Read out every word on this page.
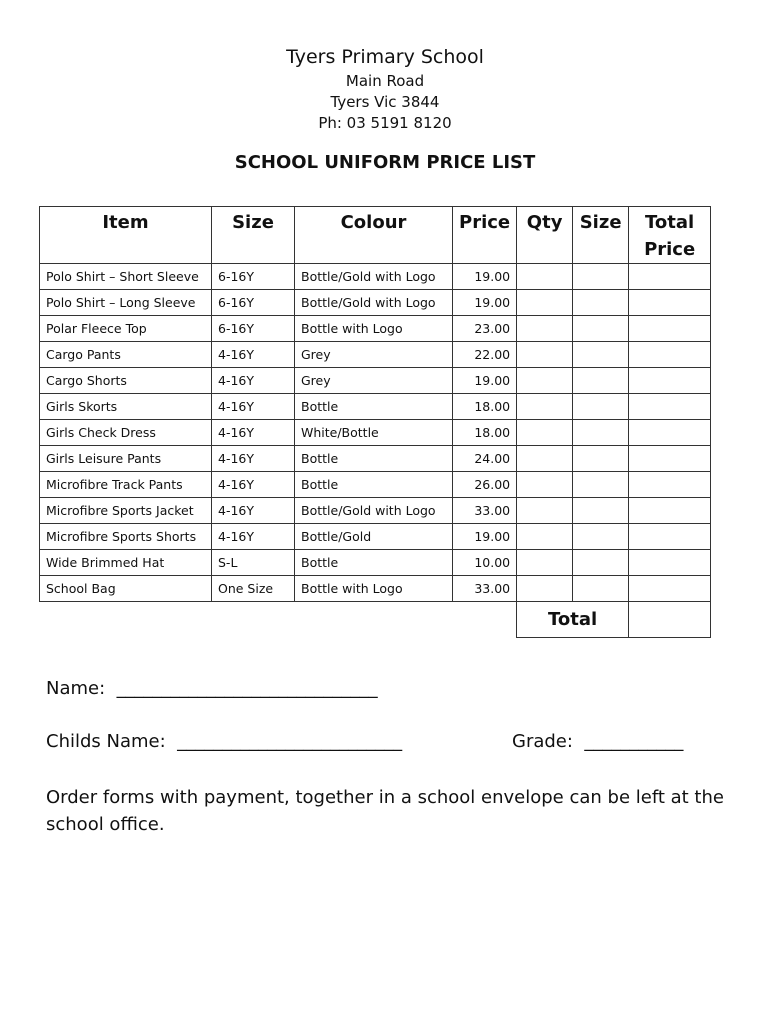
Tyers Primary School
Main Road
Tyers Vic 3844
Ph: 03 5191 8120
SCHOOL UNIFORM PRICE LIST
Item	Size	Colour	Price	Qty	Size	Total Price
Polo Shirt – Short Sleeve	6-16Y	Bottle/Gold with Logo	19.00			
Polo Shirt – Long Sleeve	6-16Y	Bottle/Gold with Logo	19.00			
Polar Fleece Top	6-16Y	Bottle with Logo	23.00			
Cargo Pants	4-16Y	Grey	22.00			
Cargo Shorts	4-16Y	Grey	19.00			
Girls Skorts	4-16Y	Bottle	18.00			
Girls Check Dress	4-16Y	White/Bottle	18.00			
Girls Leisure Pants	4-16Y	Bottle	24.00			
Microfibre Track Pants	4-16Y	Bottle	26.00			
Microfibre Sports Jacket	4-16Y	Bottle/Gold with Logo	33.00			
Microfibre Sports Shorts	4-16Y	Bottle/Gold	19.00			
Wide Brimmed Hat	S-L	Bottle	10.00			
School Bag	One Size	Bottle with Logo	33.00			
				Total		
Name:  _____________________________
Childs Name:  _________________________	Grade:  ___________
Order forms with payment, together in a school envelope can be left at the school office.
